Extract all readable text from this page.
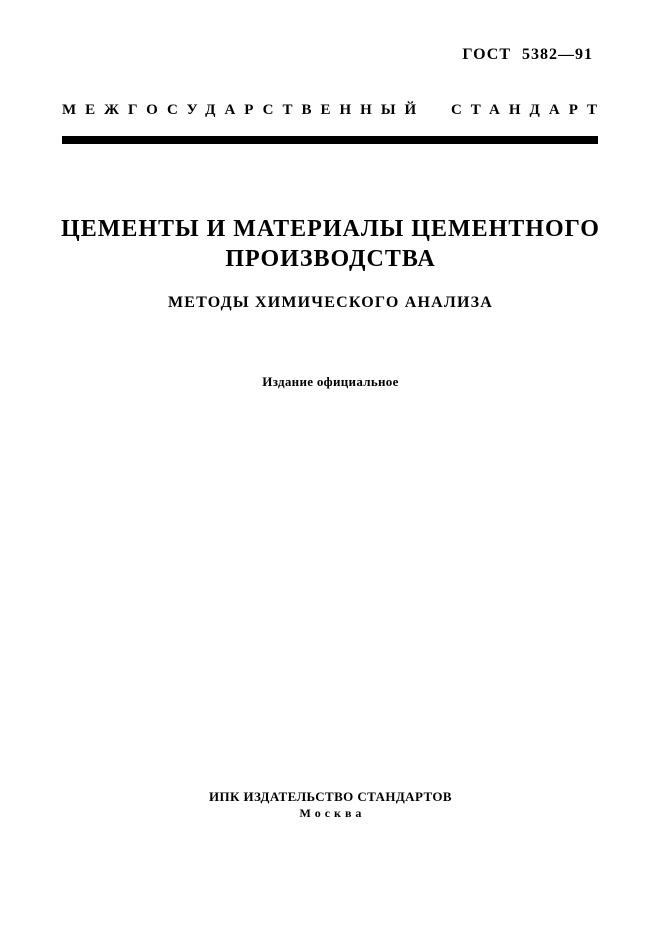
ГОСТ 5382—91
МЕЖГОСУДАРСТВЕННЫЙ СТАНДАРТ
ЦЕМЕНТЫ И МАТЕРИАЛЫ ЦЕМЕНТНОГО
ПРОИЗВОДСТВА
МЕТОДЫ ХИМИЧЕСКОГО АНАЛИЗА
Издание официальное
ИПК ИЗДАТЕЛЬСТВО СТАНДАРТОВ
Москва
